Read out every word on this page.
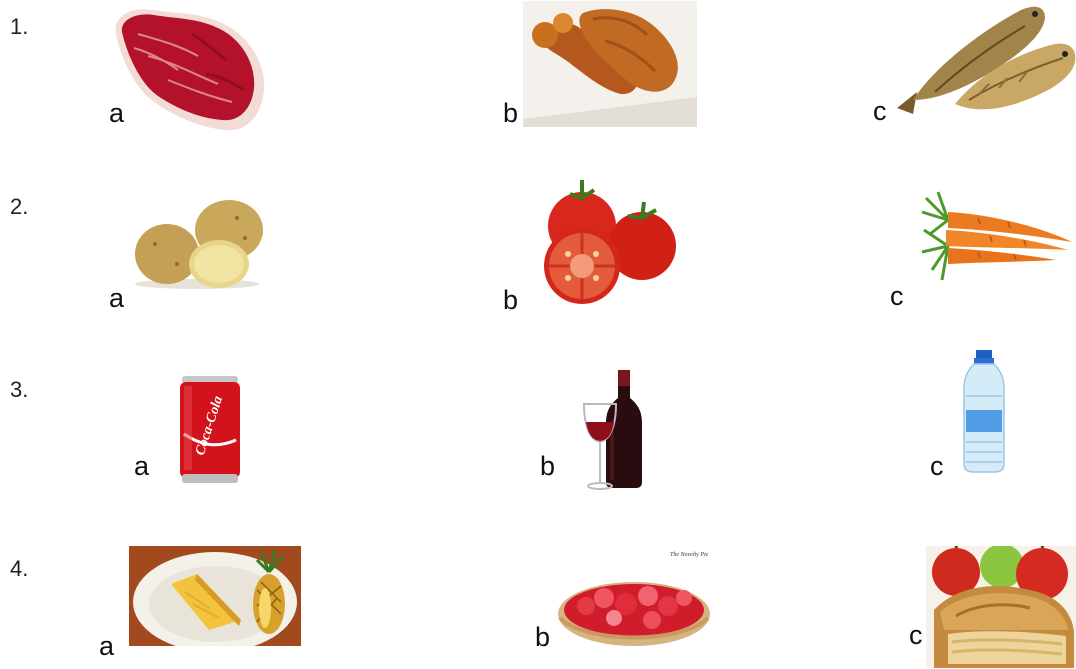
1.
a	b	c
2.
a	b	c
3.
Coca-Cola
a	b	c
4.
a
The Novelty Pie
b	c
